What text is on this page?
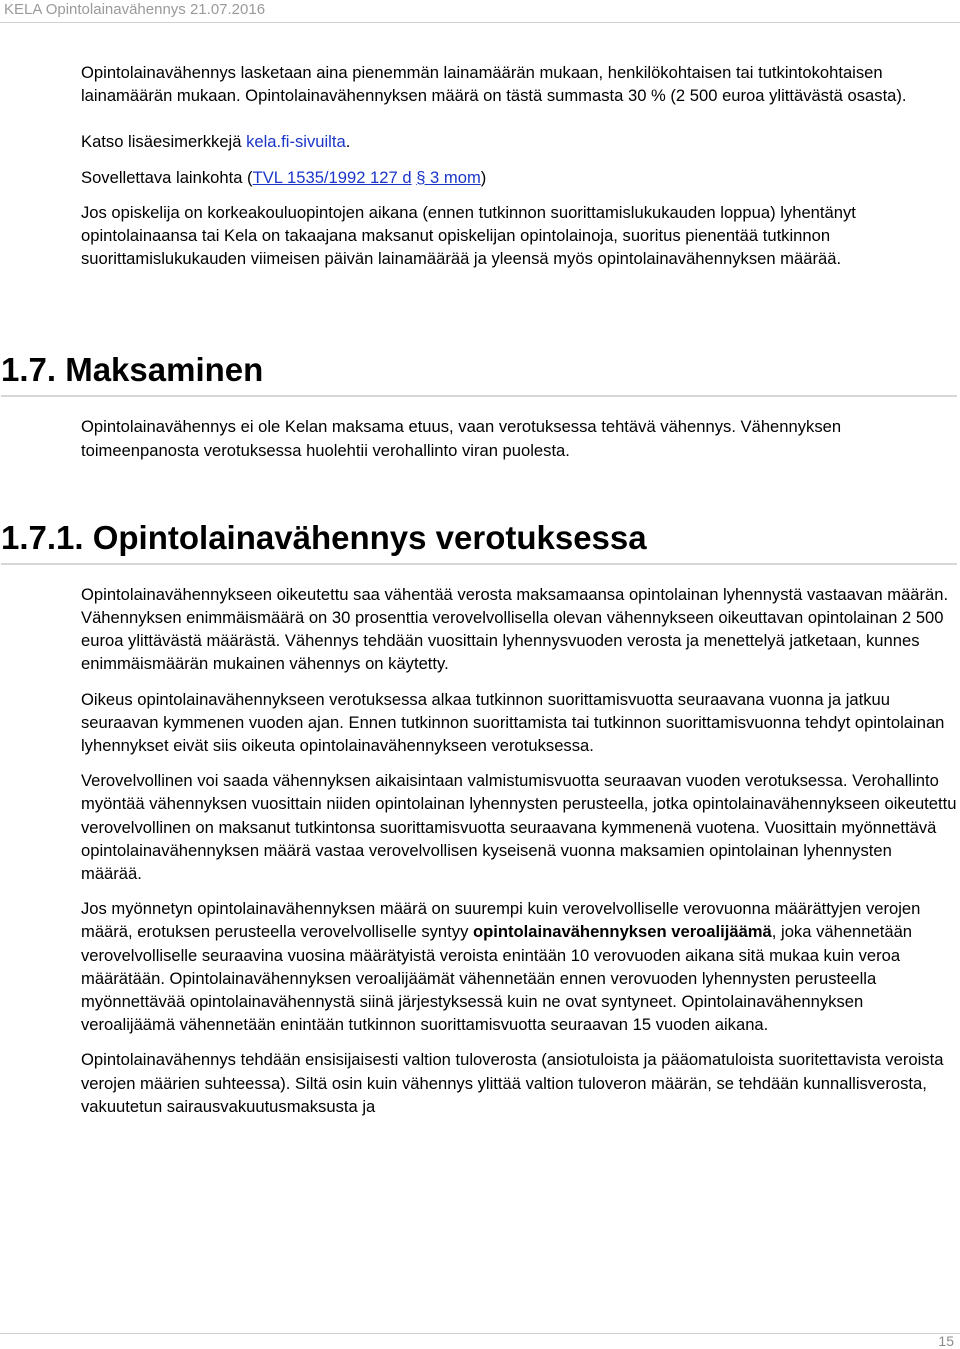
KELA Opintolainavähennys 21.07.2016

Opintolainavähennys lasketaan aina pienemmän lainamäärän mukaan, henkilökohtaisen tai tutkintokohtaisen lainamäärän mukaan. Opintolainavähennyksen määrä on tästä summasta 30 % (2 500 euroa ylittävästä osasta).

Katso lisäesimerkkejä kela.fi-sivuilta.

Sovellettava lainkohta (TVL 1535/1992 127 d § 3 mom)

Jos opiskelija on korkeakouluopintojen aikana (ennen tutkinnon suorittamislukukauden loppua) lyhentänyt opintolainaansa tai Kela on takaajana maksanut opiskelijan opintolainoja, suoritus pienentää tutkinnon suorittamislukukauden viimeisen päivän lainamäärää ja yleensä myös opintolainavähennyksen määrää.

1.7. Maksaminen

Opintolainavähennys ei ole Kelan maksama etuus, vaan verotuksessa tehtävä vähennys. Vähennyksen toimeenpanosta verotuksessa huolehtii verohallinto viran puolesta.

1.7.1. Opintolainavähennys verotuksessa

Opintolainavähennykseen oikeutettu saa vähentää verosta maksamaansa opintolainan lyhennystä vastaavan määrän. Vähennyksen enimmäismäärä on 30 prosenttia verovelvollisella olevan vähennykseen oikeuttavan opintolainan 2 500 euroa ylittävästä määrästä. Vähennys tehdään vuosittain lyhennysvuoden verosta ja menettelyä jatketaan, kunnes enimmäismäärän mukainen vähennys on käytetty.

Oikeus opintolainavähennykseen verotuksessa alkaa tutkinnon suorittamisvuotta seuraavana vuonna ja jatkuu seuraavan kymmenen vuoden ajan. Ennen tutkinnon suorittamista tai tutkinnon suorittamisvuonna tehdyt opintolainan lyhennykset eivät siis oikeuta opintolainavähennykseen verotuksessa.

Verovelvollinen voi saada vähennyksen aikaisintaan valmistumisvuotta seuraavan vuoden verotuksessa. Verohallinto myöntää vähennyksen vuosittain niiden opintolainan lyhennysten perusteella, jotka opintolainavähennykseen oikeutettu verovelvollinen on maksanut tutkintonsa suorittamisvuotta seuraavana kymmenenä vuotena. Vuosittain myönnettävä opintolainavähennyksen määrä vastaa verovelvollisen kyseisenä vuonna maksamien opintolainan lyhennysten määrää.

Jos myönnetyn opintolainavähennyksen määrä on suurempi kuin verovelvolliselle verovuonna määrättyjen verojen määrä, erotuksen perusteella verovelvolliselle syntyy opintolainavähennyksen veroalijäämä, joka vähennetään verovelvolliselle seuraavina vuosina määrätyistä veroista enintään 10 verovuoden aikana sitä mukaa kuin veroa määrätään. Opintolainavähennyksen veroalijäämät vähennetään ennen verovuoden lyhennysten perusteella myönnettävää opintolainavähennystä siinä järjestyksessä kuin ne ovat syntyneet. Opintolainavähennyksen veroalijäämä vähennetään enintään tutkinnon suorittamisvuotta seuraavan 15 vuoden aikana.

Opintolainavähennys tehdään ensisijaisesti valtion tuloverosta (ansiotuloista ja pääomatuloista suoritettavista veroista verojen määrien suhteessa). Siltä osin kuin vähennys ylittää valtion tuloveron määrän, se tehdään kunnallisverosta, vakuutetun sairausvakuutusmaksusta ja

15
